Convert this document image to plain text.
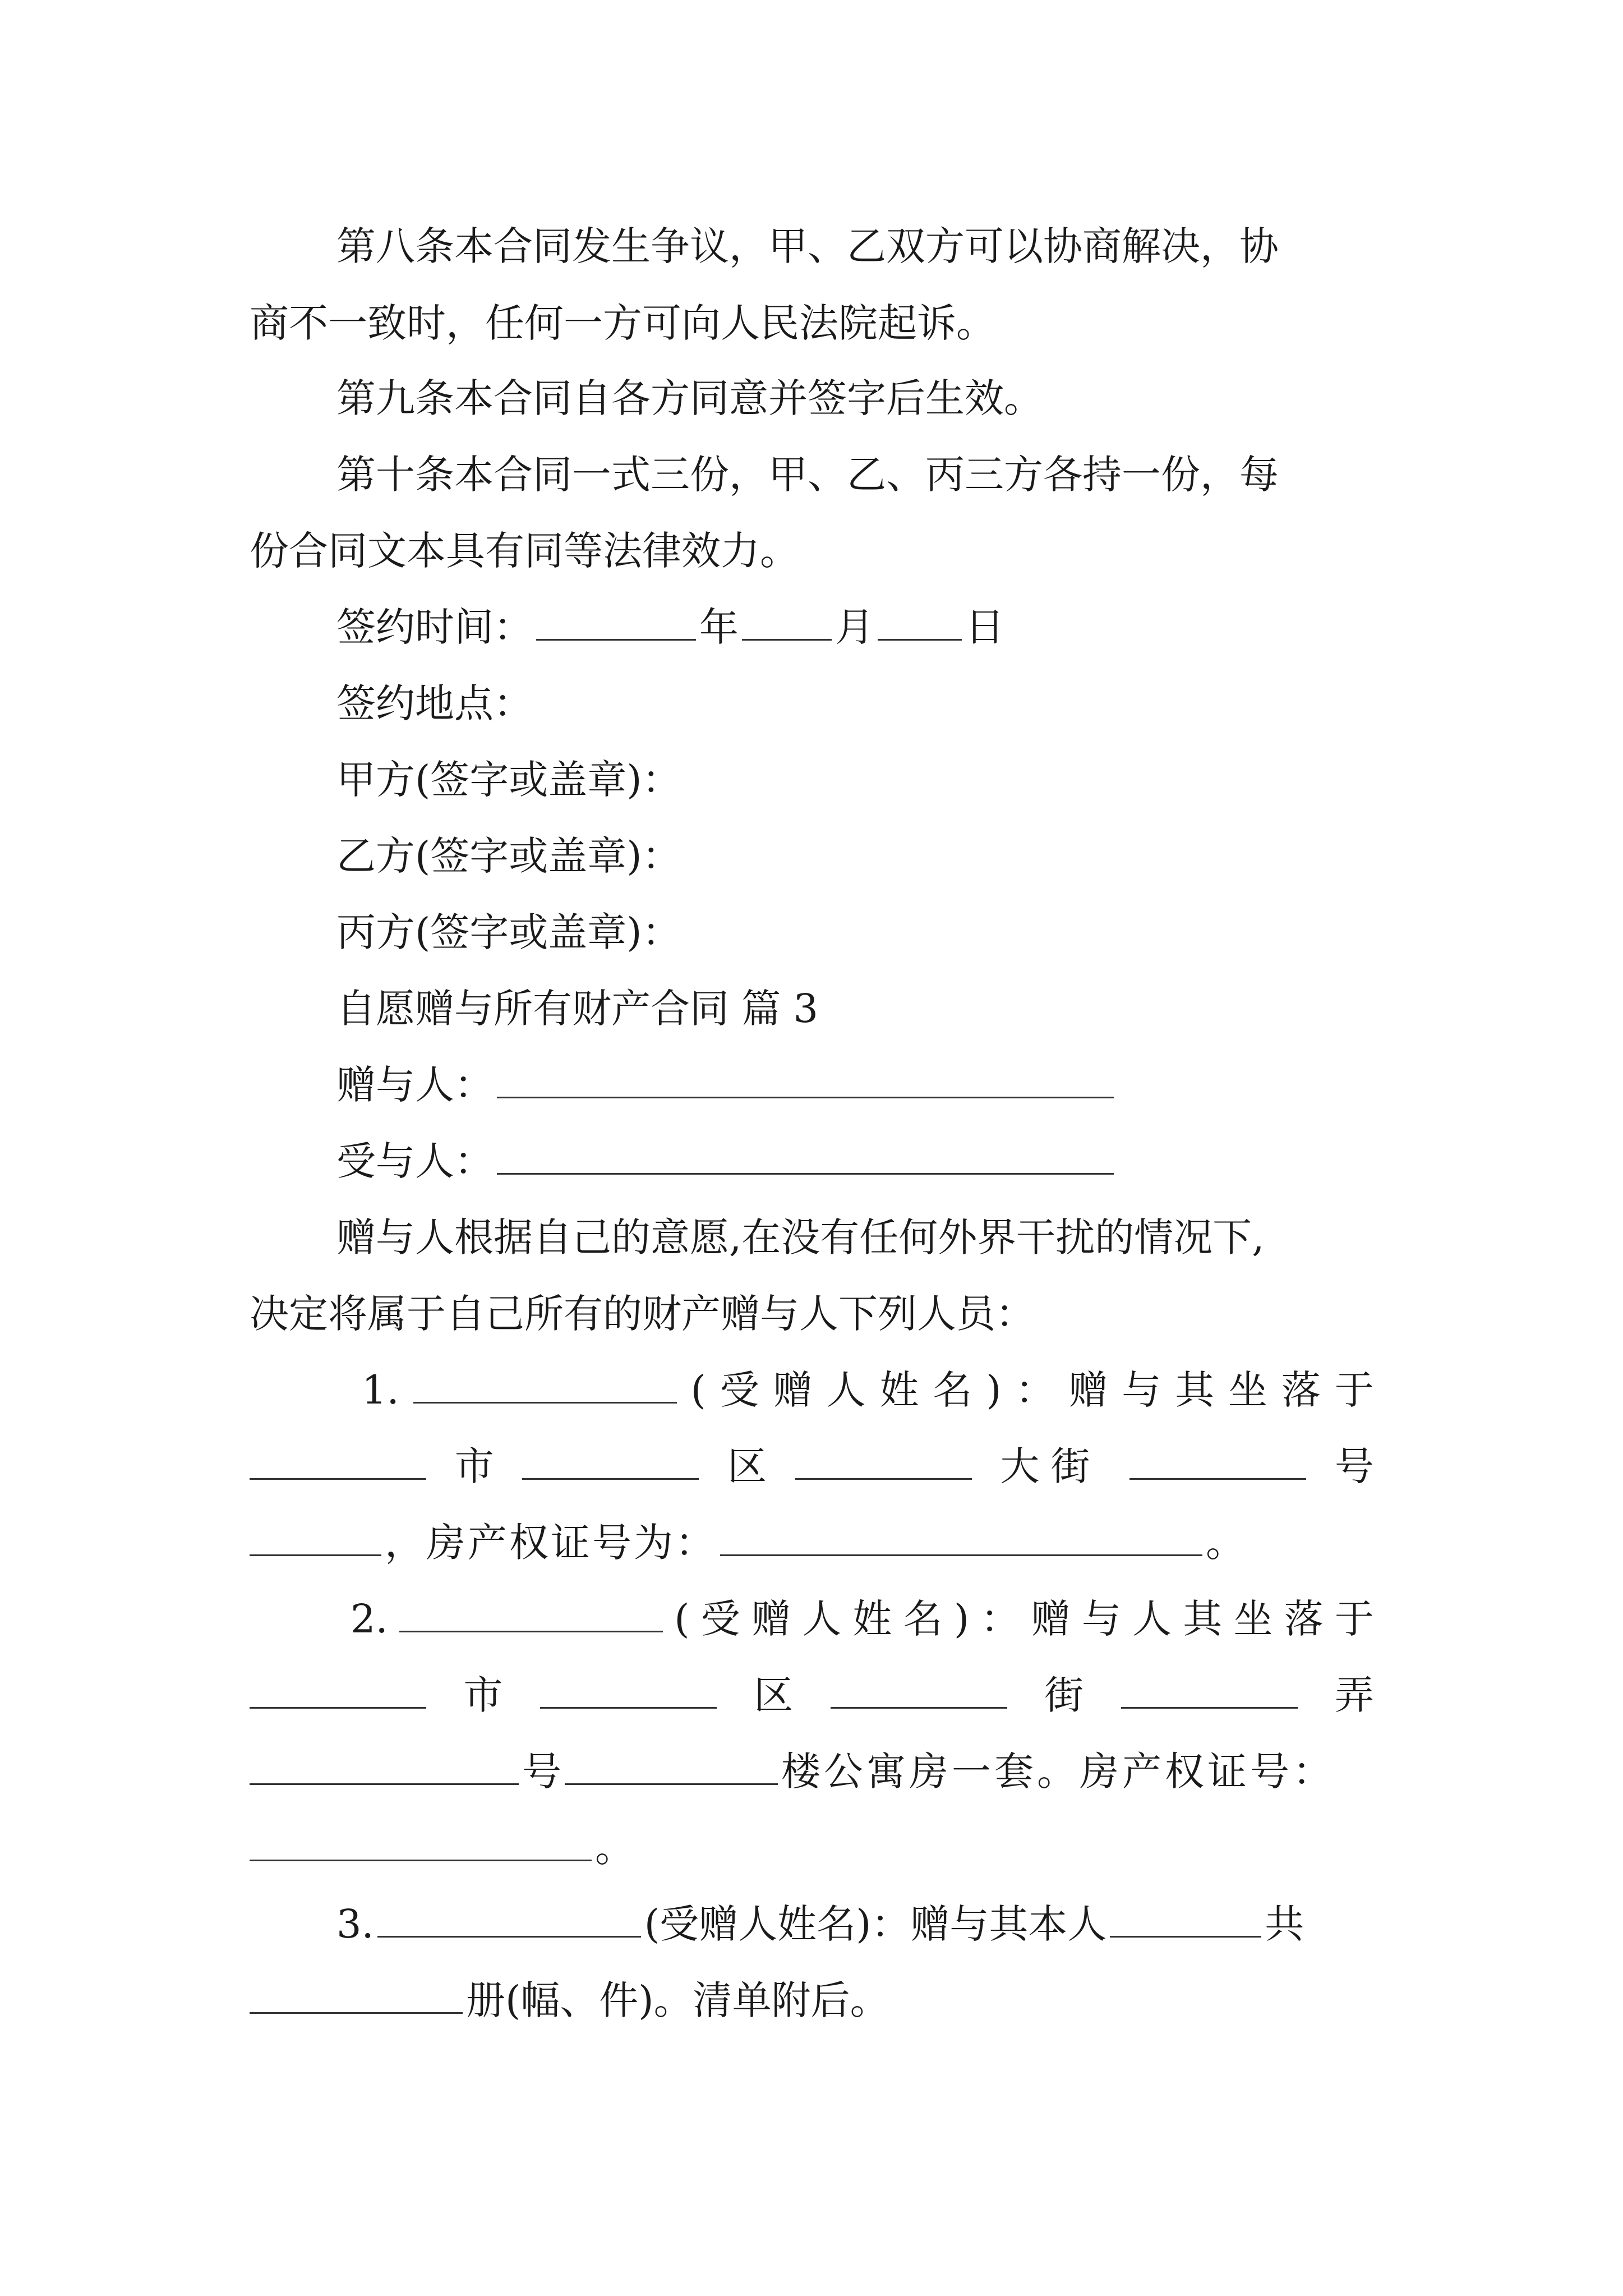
第八条本合同发生争议，甲、乙双方可以协商解决，协
商不一致时，任何一方可向人民法院起诉。
第九条本合同自各方同意并签字后生效。
第十条本合同一式三份，甲、乙、丙三方各持一份，每
份合同文本具有同等法律效力。
签约时间：	年 月 日
签约地点：
甲方(签字或盖章)：
乙方(签字或盖章)：
丙方(签字或盖章)：
自愿赠与所有财产合同 篇 3
赠与人：
受与人：
赠与人根据自己的意愿,在没有任何外界干扰的情况下,
决定将属于自己所有的财产赠与人下列人员：
1.	( 受 赠 人 姓 名 ) ： 赠 与 其 坐 落 于
市	区	大街	号
，房产权证号为：	。
2.	( 受 赠 人 姓 名 ) ： 赠 与 人 其 坐 落 于
市	区	街	弄
号	楼公寓房一套。房产权证号：
。
3.	(受赠人姓名)：赠与其本人	共
册(幅、件)。清单附后。
